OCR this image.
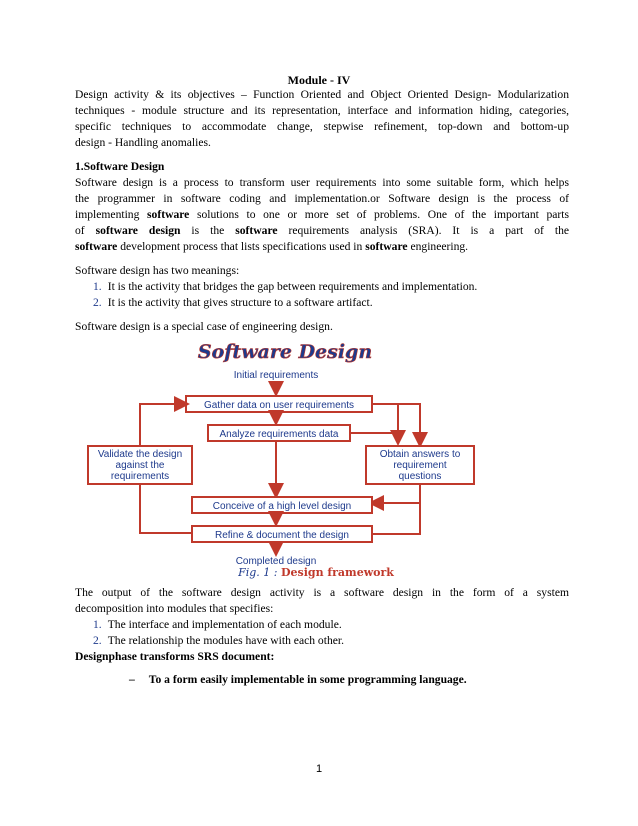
Module - IV
Design activity & its objectives – Function Oriented and Object Oriented Design- Modularization
techniques - module structure and its representation, interface and information hiding, categories,
specific techniques to accommodate change, stepwise refinement, top-down and bottom-up
design - Handling anomalies.
1.Software Design
Software design is a process to transform user requirements into some suitable form, which helps
the programmer in software coding and implementation.or Software design is the process of
implementing software solutions to one or more set of problems. One of the important parts
of software design is the software requirements analysis (SRA). It is a part of the
software development process that lists specifications used in software engineering.
Software design has two meanings:
1. It is the activity that bridges the gap between requirements and implementation.
2. It is the activity that gives structure to a software artifact.
Software design is a special case of engineering design.
Software Design
Initial requirements
Gather data on user requirements
Analyze requirements data
Obtain answers to
requirement
questions
Validate the design
against the
requirements
Conceive of a high level design
Refine & document the design
Completed design
Fig. 1 : Design framework
The output of the software design activity is a software design in the form of a system
decomposition into modules that specifies:
1. The interface and implementation of each module.
2. The relationship the modules have with each other.
Designphase transforms SRS document:
– To a form easily implementable in some programming language.
1
